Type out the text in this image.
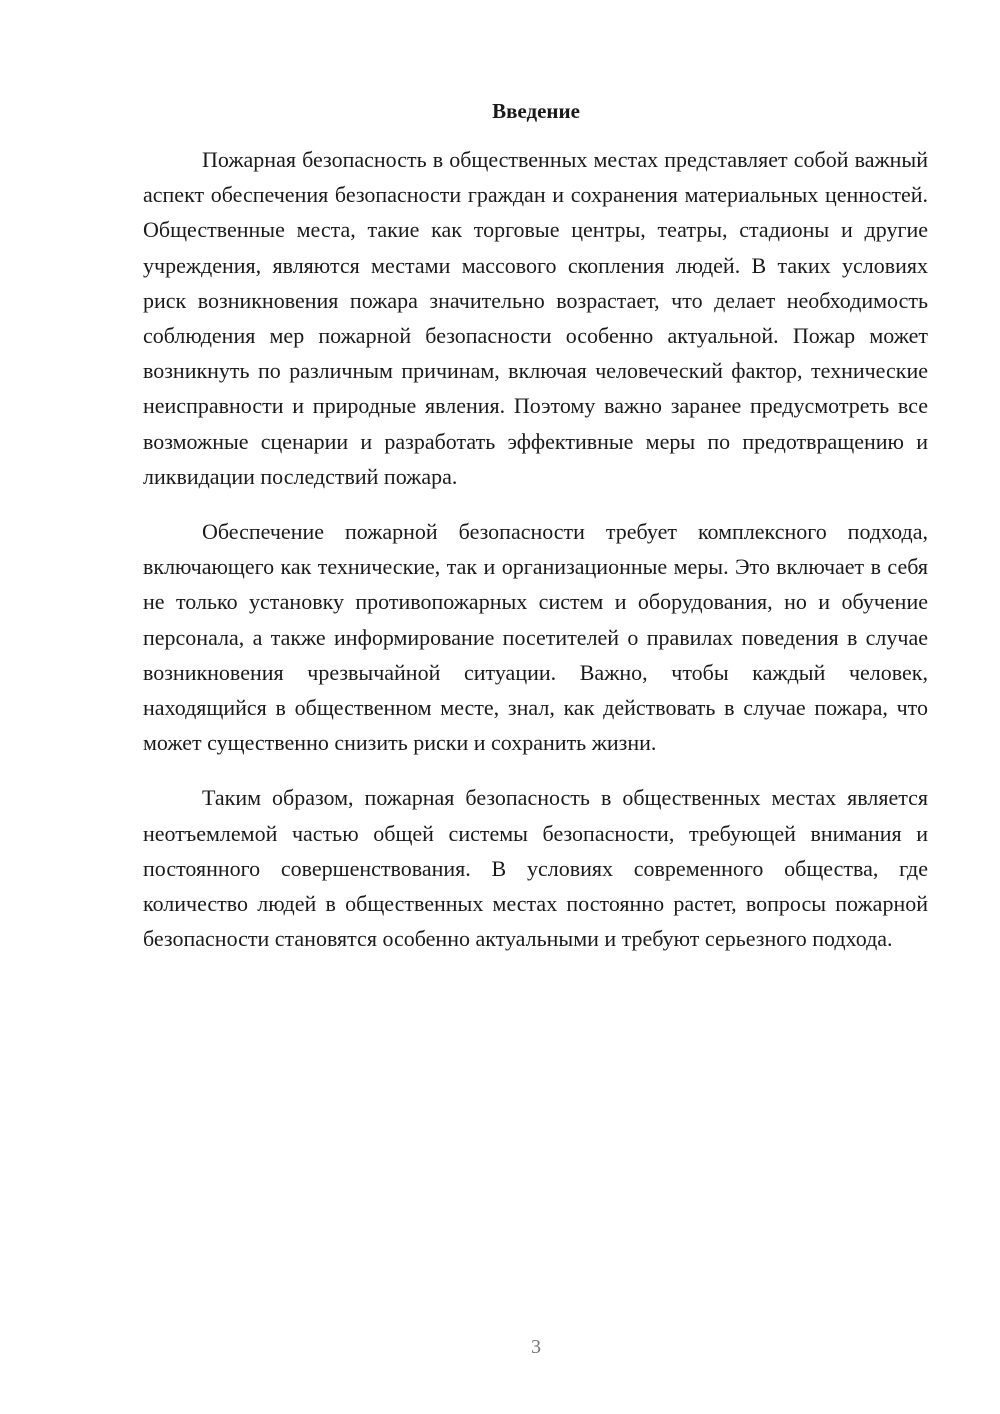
Введение

Пожарная безопасность в общественных местах представляет собой важный аспект обеспечения безопасности граждан и сохранения материальных ценностей. Общественные места, такие как торговые центры, театры, стадионы и другие учреждения, являются местами массового скопления людей. В таких условиях риск возникновения пожара значительно возрастает, что делает необходимость соблюдения мер пожарной безопасности особенно актуальной. Пожар может возникнуть по различным причинам, включая человеческий фактор, технические неисправности и природные явления. Поэтому важно заранее предусмотреть все возможные сценарии и разработать эффективные меры по предотвращению и ликвидации последствий пожара.

Обеспечение пожарной безопасности требует комплексного подхода, включающего как технические, так и организационные меры. Это включает в себя не только установку противопожарных систем и оборудования, но и обучение персонала, а также информирование посетителей о правилах поведения в случае возникновения чрезвычайной ситуации. Важно, чтобы каждый человек, находящийся в общественном месте, знал, как действовать в случае пожара, что может существенно снизить риски и сохранить жизни.

Таким образом, пожарная безопасность в общественных местах является неотъемлемой частью общей системы безопасности, требующей внимания и постоянного совершенствования. В условиях современного общества, где количество людей в общественных местах постоянно растет, вопросы пожарной безопасности становятся особенно актуальными и требуют серьезного подхода.

3
